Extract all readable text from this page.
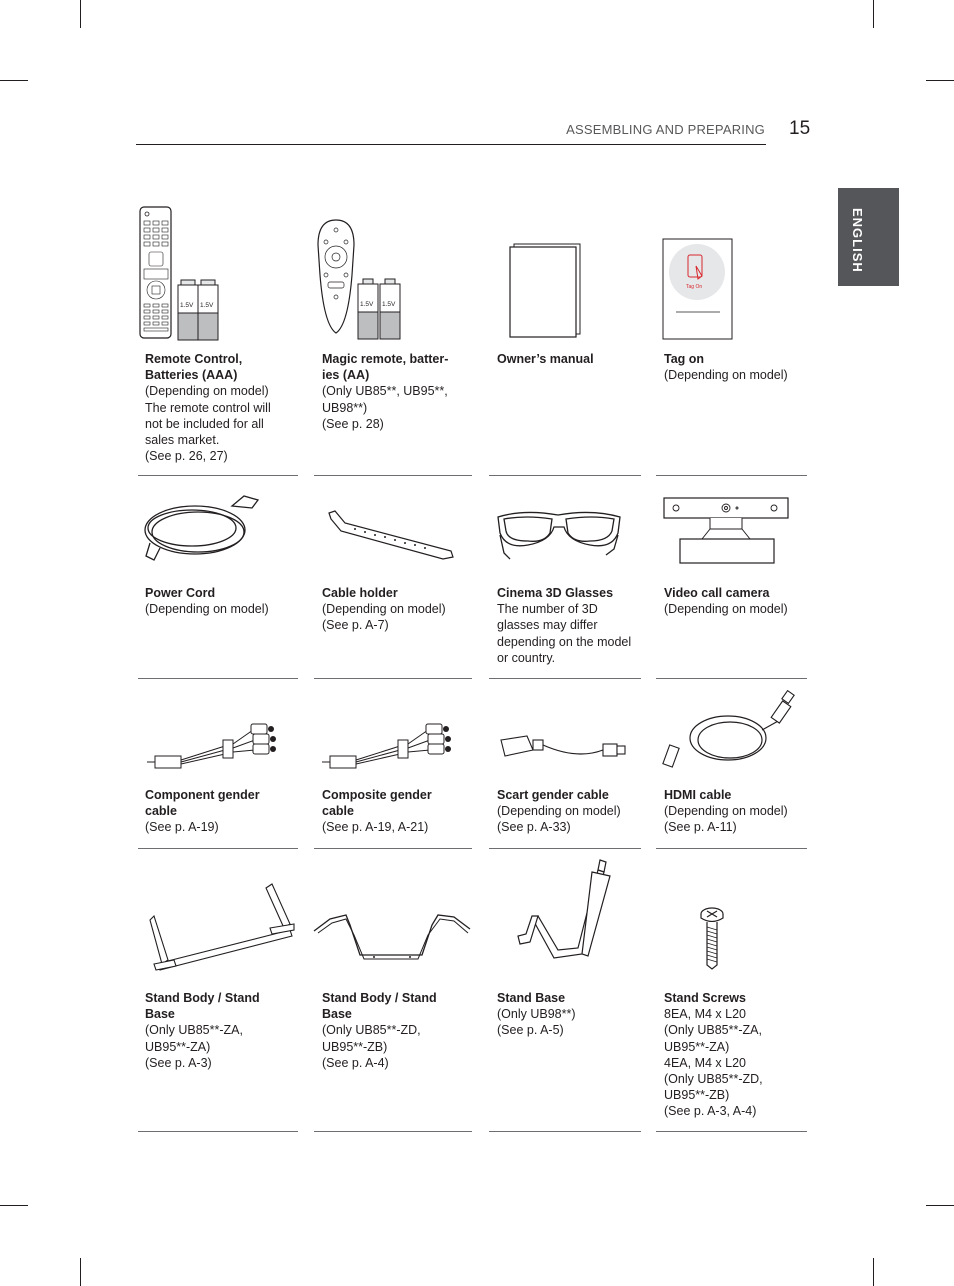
ASSEMBLING AND PREPARING 15
ENGLISH
1.5V 1.5V	1.5V 1.5V
Tag On
Remote Control,
Batteries (AAA)
(Depending on model)
The remote control will
not be included for all
sales market.
(See p. 26, 27)
Magic remote, batter-
ies (AA)
(Only UB85**, UB95**,
UB98**)
(See p. 28)
Owner’s manual	Tag on
(Depending on model)
Power Cord
(Depending on model)
Cable holder
(Depending on model)
(See p. A-7)
Cinema 3D Glasses
The number of 3D
glasses may differ
depending on the model
or country.
Video call camera
(Depending on model)
Component gender
cable
(See p. A-19)
Composite gender
cable
(See p. A-19, A-21)
Scart gender cable
(Depending on model)
(See p. A-33)
HDMI cable
(Depending on model)
(See p. A-11)
Stand Body / Stand
Base
(Only UB85**-ZA,
UB95**-ZA)
(See p. A-3)
Stand Body / Stand
Base
(Only UB85**-ZD,
UB95**-ZB)
(See p. A-4)
Stand Base
(Only UB98**)
(See p. A-5)
Stand Screws
8EA, M4 x L20
(Only UB85**-ZA,
UB95**-ZA)
4EA, M4 x L20
(Only UB85**-ZD,
UB95**-ZB)
(See p. A-3, A-4)
